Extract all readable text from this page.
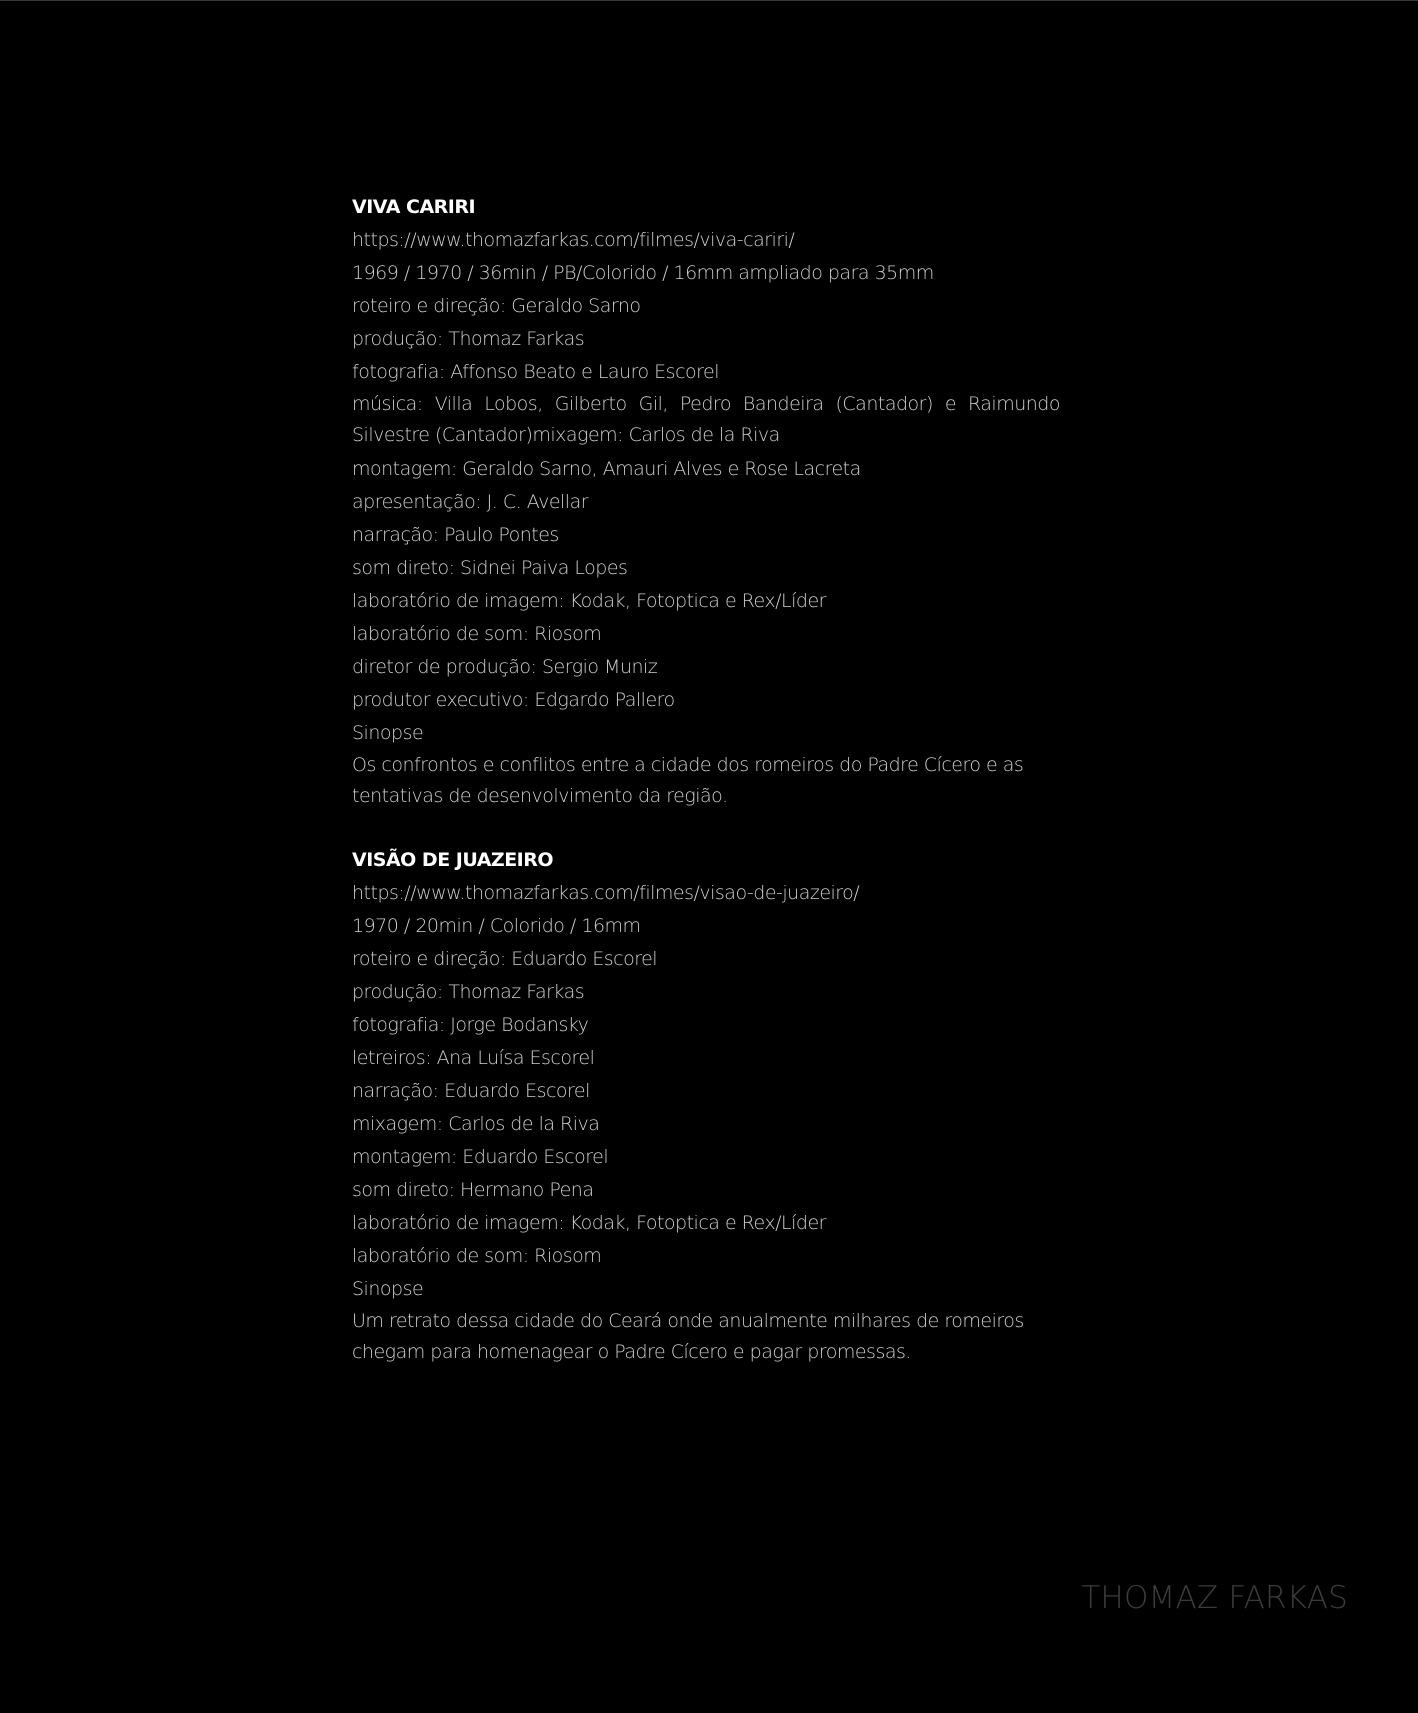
VIVA CARIRI

https://www.thomazfarkas.com/filmes/viva-cariri/

1969 / 1970 / 36min / PB/Colorido / 16mm ampliado para 35mm

roteiro e direção: Geraldo Sarno

produção: Thomaz Farkas

fotografia: Affonso Beato e Lauro Escorel

música: Villa Lobos, Gilberto Gil, Pedro Bandeira (Cantador) e Raimundo Silvestre (Cantador)mixagem: Carlos de la Riva

montagem: Geraldo Sarno, Amauri Alves e Rose Lacreta

apresentação: J. C. Avellar

narração: Paulo Pontes

som direto: Sidnei Paiva Lopes

laboratório de imagem: Kodak, Fotoptica e Rex/Líder

laboratório de som: Riosom

diretor de produção: Sergio Muniz

produtor executivo: Edgardo Pallero

Sinopse

Os confrontos e conflitos entre a cidade dos romeiros do Padre Cícero e as tentativas de desenvolvimento da região.

VISÃO DE JUAZEIRO

https://www.thomazfarkas.com/filmes/visao-de-juazeiro/

1970 / 20min / Colorido / 16mm

roteiro e direção: Eduardo Escorel

produção: Thomaz Farkas

fotografia: Jorge Bodansky

letreiros: Ana Luísa Escorel

narração: Eduardo Escorel

mixagem: Carlos de la Riva

montagem: Eduardo Escorel

som direto: Hermano Pena

laboratório de imagem: Kodak, Fotoptica e Rex/Líder

laboratório de som: Riosom

Sinopse

Um retrato dessa cidade do Ceará onde anualmente milhares de romeiros chegam para homenagear o Padre Cícero e pagar promessas.

THOMAZ FARKAS
